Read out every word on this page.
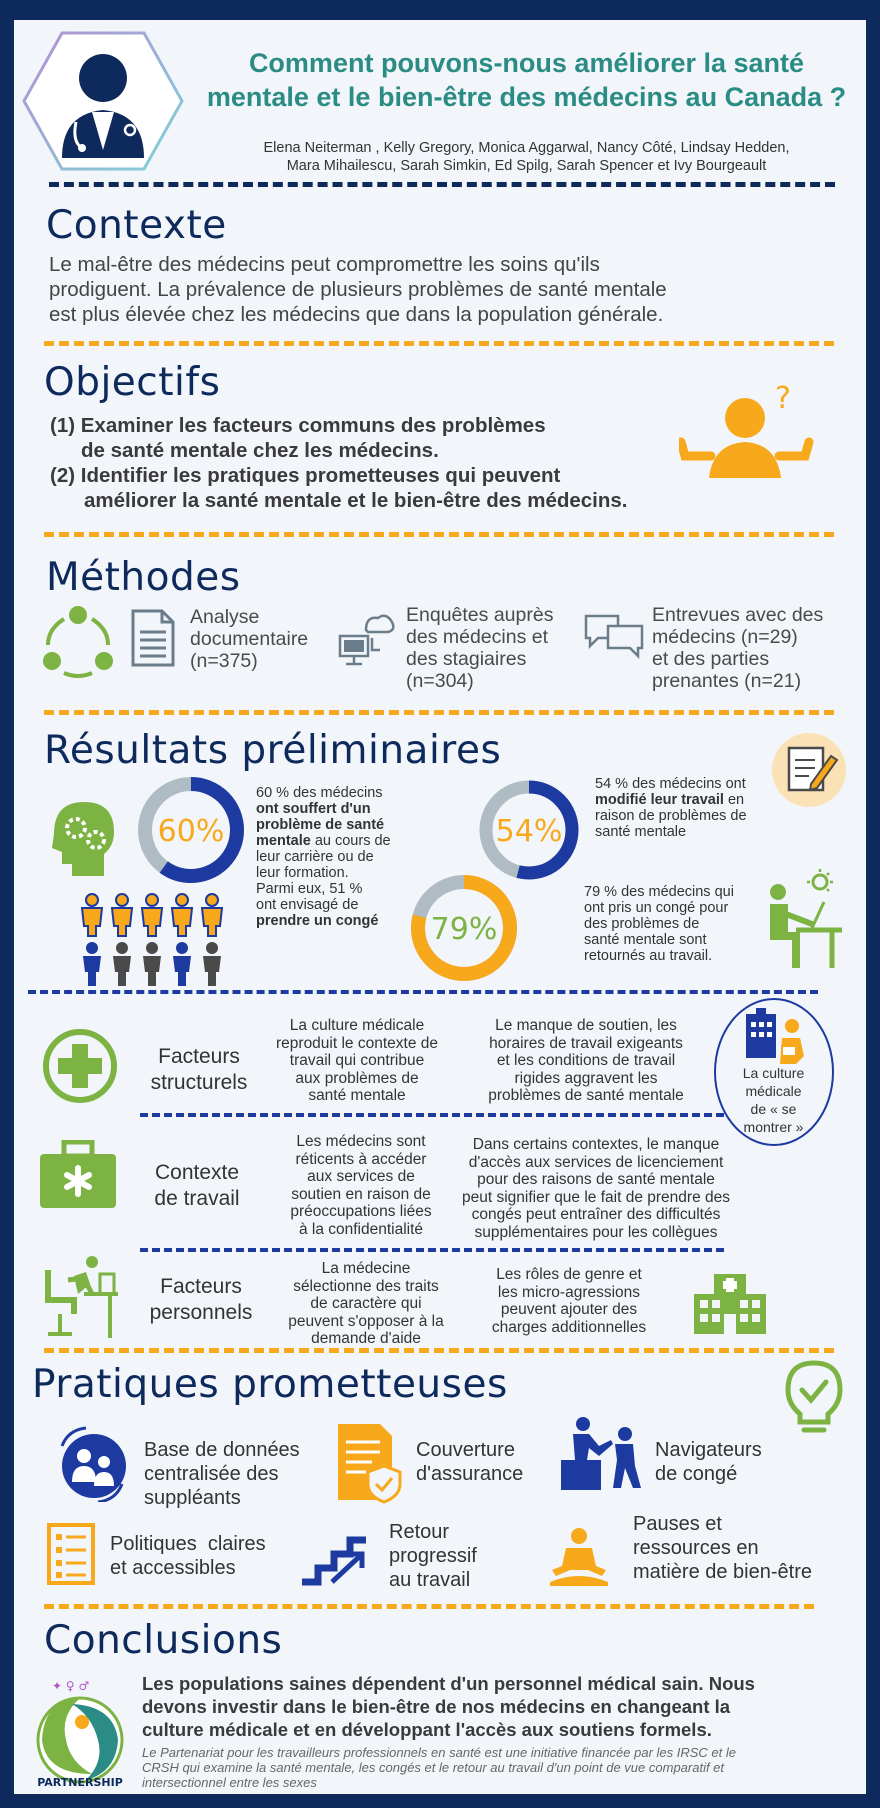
Comment pouvons-nous améliorer la santé
mentale et le bien-être des médecins au Canada ?
Elena Neiterman , Kelly Gregory, Monica Aggarwal, Nancy Côté, Lindsay Hedden,
Mara Mihailescu, Sarah Simkin, Ed Spilg, Sarah Spencer et Ivy Bourgeault
Contexte
Le mal-être des médecins peut compromettre les soins qu'ils
prodiguent. La prévalence de plusieurs problèmes de santé mentale
est plus élevée chez les médecins que dans la population générale.
Objectifs
(1) Examiner les facteurs communs des problèmes
de santé mentale chez les médecins.
(2) Identifier les pratiques prometteuses qui peuvent
améliorer la santé mentale et le bien-être des médecins.
?
Méthodes
Analyse
documentaire
(n=375)
Enquêtes auprès
des médecins et
des stagiaires
(n=304)
Entrevues avec des
médecins (n=29)
et des parties
prenantes (n=21)
Résultats préliminaires
60%	54%
79%
60 % des médecins
ont souffert d'un
problème de santé
mentale au cours de
leur carrière ou de
leur formation.
Parmi eux, 51 %
ont envisagé de
prendre un congé
54 % des médecins ont
modifié leur travail en
raison de problèmes de
santé mentale
79 % des médecins qui
ont pris un congé pour
des problèmes de
santé mentale sont
retournés au travail.
Facteurs
structurels
La culture médicale
reproduit le contexte de
travail qui contribue
aux problèmes de
santé mentale
Le manque de soutien, les
horaires de travail exigeants
et les conditions de travail
rigides aggravent les
problèmes de santé mentale
La culture
médicale
de « se
montrer »
Contexte
de travail
Les médecins sont
réticents à accéder
aux services de
soutien en raison de
préoccupations liées
à la confidentialité
Dans certains contextes, le manque
d'accès aux services de licenciement
pour des raisons de santé mentale
peut signifier que le fait de prendre des
congés peut entraîner des difficultés
supplémentaires pour les collègues
Facteurs
personnels
La médecine
sélectionne des traits
de caractère qui
peuvent s'opposer à la
demande d'aide
Les rôles de genre et
les micro-agressions
peuvent ajouter des
charges additionnelles
Pratiques prometteuses
Base de données
centralisée des
suppléants
Couverture
d'assurance
Navigateurs
de congé
Politiques  claires
et accessibles
Retour
progressif
au travail
Pauses et
ressources en
matière de bien-être
Conclusions
✦ ♀ ♂
PARTNERSHIP
Les populations saines dépendent d'un personnel médical sain. Nous
devons investir dans le bien-être de nos médecins en changeant la
culture médicale et en développant l'accès aux soutiens formels.
Le Partenariat pour les travailleurs professionnels en santé est une initiative financée par les IRSC et le
CRSH qui examine la santé mentale, les congés et le retour au travail d'un point de vue comparatif et
intersectionnel entre les sexes
